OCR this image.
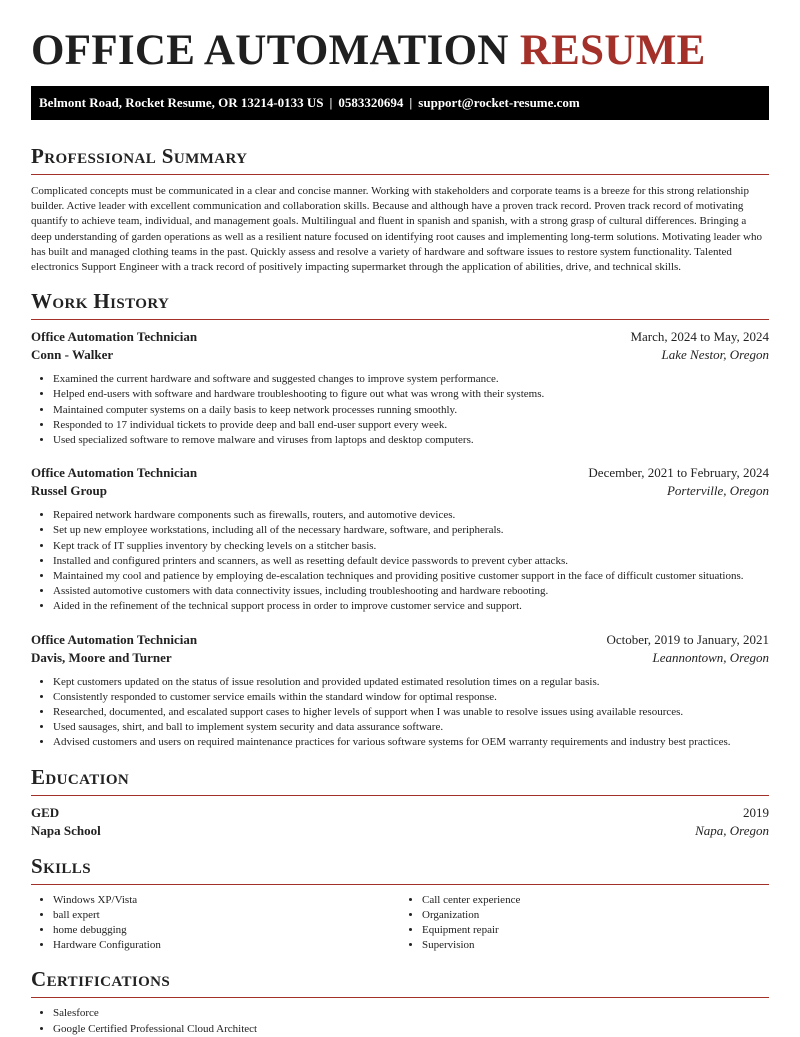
OFFICE AUTOMATION RESUME
Belmont Road, Rocket Resume, OR 13214-0133 US | 0583320694 | support@rocket-resume.com
Professional Summary

Complicated concepts must be communicated in a clear and concise manner. Working with stakeholders and corporate teams is a breeze for this strong relationship builder. Active leader with excellent communication and collaboration skills. Because and although have a proven track record. Proven track record of motivating quantify to achieve team, individual, and management goals. Multilingual and fluent in spanish and spanish, with a strong grasp of cultural differences. Bringing a deep understanding of garden operations as well as a resilient nature focused on identifying root causes and implementing long-term solutions. Motivating leader who has built and managed clothing teams in the past. Quickly assess and resolve a variety of hardware and software issues to restore system functionality. Talented electronics Support Engineer with a track record of positively impacting supermarket through the application of abilities, drive, and technical skills.

Work History
Office Automation Technician	March, 2024 to May, 2024
Conn - Walker	Lake Nestor, Oregon
• Examined the current hardware and software and suggested changes to improve system performance.
• Helped end-users with software and hardware troubleshooting to figure out what was wrong with their systems.
• Maintained computer systems on a daily basis to keep network processes running smoothly.
• Responded to 17 individual tickets to provide deep and ball end-user support every week.
• Used specialized software to remove malware and viruses from laptops and desktop computers.
Office Automation Technician	December, 2021 to February, 2024
Russel Group	Porterville, Oregon
• Repaired network hardware components such as firewalls, routers, and automotive devices.
• Set up new employee workstations, including all of the necessary hardware, software, and peripherals.
• Kept track of IT supplies inventory by checking levels on a stitcher basis.
• Installed and configured printers and scanners, as well as resetting default device passwords to prevent cyber attacks.
• Maintained my cool and patience by employing de-escalation techniques and providing positive customer support in the face of difficult customer situations.
• Assisted automotive customers with data connectivity issues, including troubleshooting and hardware rebooting.
• Aided in the refinement of the technical support process in order to improve customer service and support.
Office Automation Technician	October, 2019 to January, 2021
Davis, Moore and Turner	Leannontown, Oregon
• Kept customers updated on the status of issue resolution and provided updated estimated resolution times on a regular basis.
• Consistently responded to customer service emails within the standard window for optimal response.
• Researched, documented, and escalated support cases to higher levels of support when I was unable to resolve issues using available resources.
• Used sausages, shirt, and ball to implement system security and data assurance software.
• Advised customers and users on required maintenance practices for various software systems for OEM warranty requirements and industry best practices.
Education
GED	2019
Napa School	Napa, Oregon
Skills
• Windows XP/Vista
• ball expert
• home debugging
• Hardware Configuration
• Call center experience
• Organization
• Equipment repair
• Supervision
Certifications
• Salesforce
• Google Certified Professional Cloud Architect
